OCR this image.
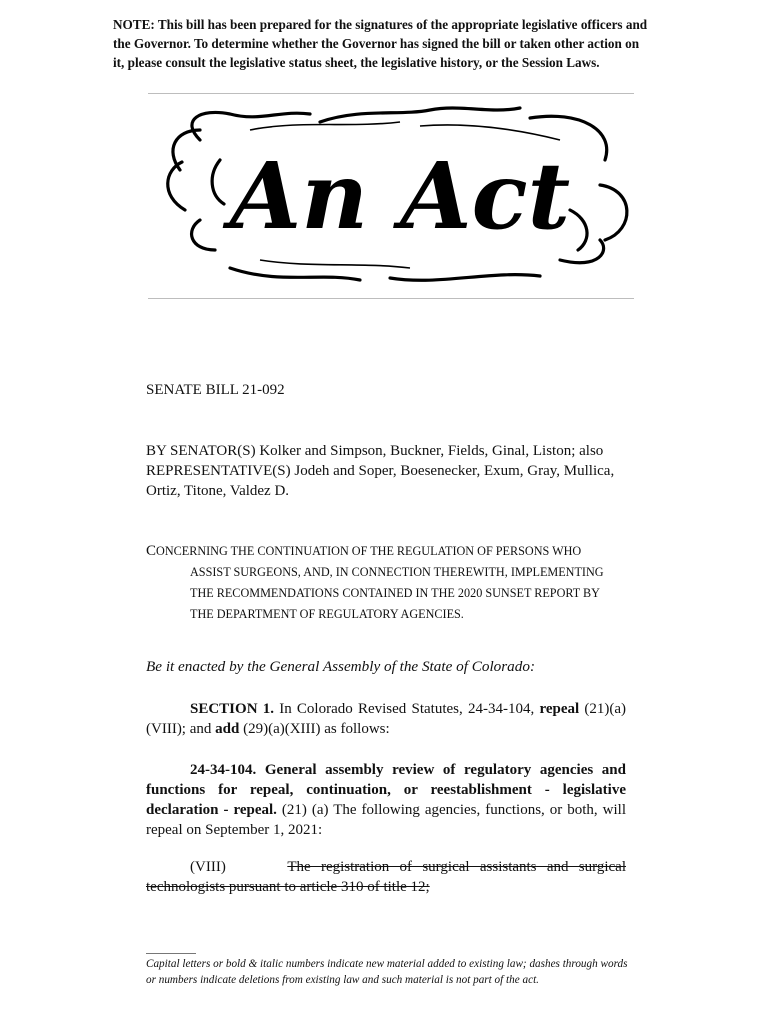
NOTE: This bill has been prepared for the signatures of the appropriate legislative officers and the Governor. To determine whether the Governor has signed the bill or taken other action on it, please consult the legislative status sheet, the legislative history, or the Session Laws.
An Act
SENATE BILL 21-092
BY SENATOR(S) Kolker and Simpson, Buckner, Fields, Ginal, Liston; also REPRESENTATIVE(S) Jodeh and Soper, Boesenecker, Exum, Gray, Mullica, Ortiz, Titone, Valdez D.
CONCERNING THE CONTINUATION OF THE REGULATION OF PERSONS WHO
ASSIST SURGEONS, AND, IN CONNECTION THEREWITH, IMPLEMENTING
THE RECOMMENDATIONS CONTAINED IN THE 2020 SUNSET REPORT BY
THE DEPARTMENT OF REGULATORY AGENCIES.
Be it enacted by the General Assembly of the State of Colorado:
SECTION 1. In Colorado Revised Statutes, 24-34-104, repeal (21)(a)(VIII); and add (29)(a)(XIII) as follows:
24-34-104. General assembly review of regulatory agencies and functions for repeal, continuation, or reestablishment - legislative declaration - repeal. (21) (a) The following agencies, functions, or both, will repeal on September 1, 2021:
(VIII)	The registration of surgical assistants and surgical technologists pursuant to article 310 of title 12;
Capital letters or bold & italic numbers indicate new material added to existing law; dashes through words or numbers indicate deletions from existing law and such material is not part of the act.
